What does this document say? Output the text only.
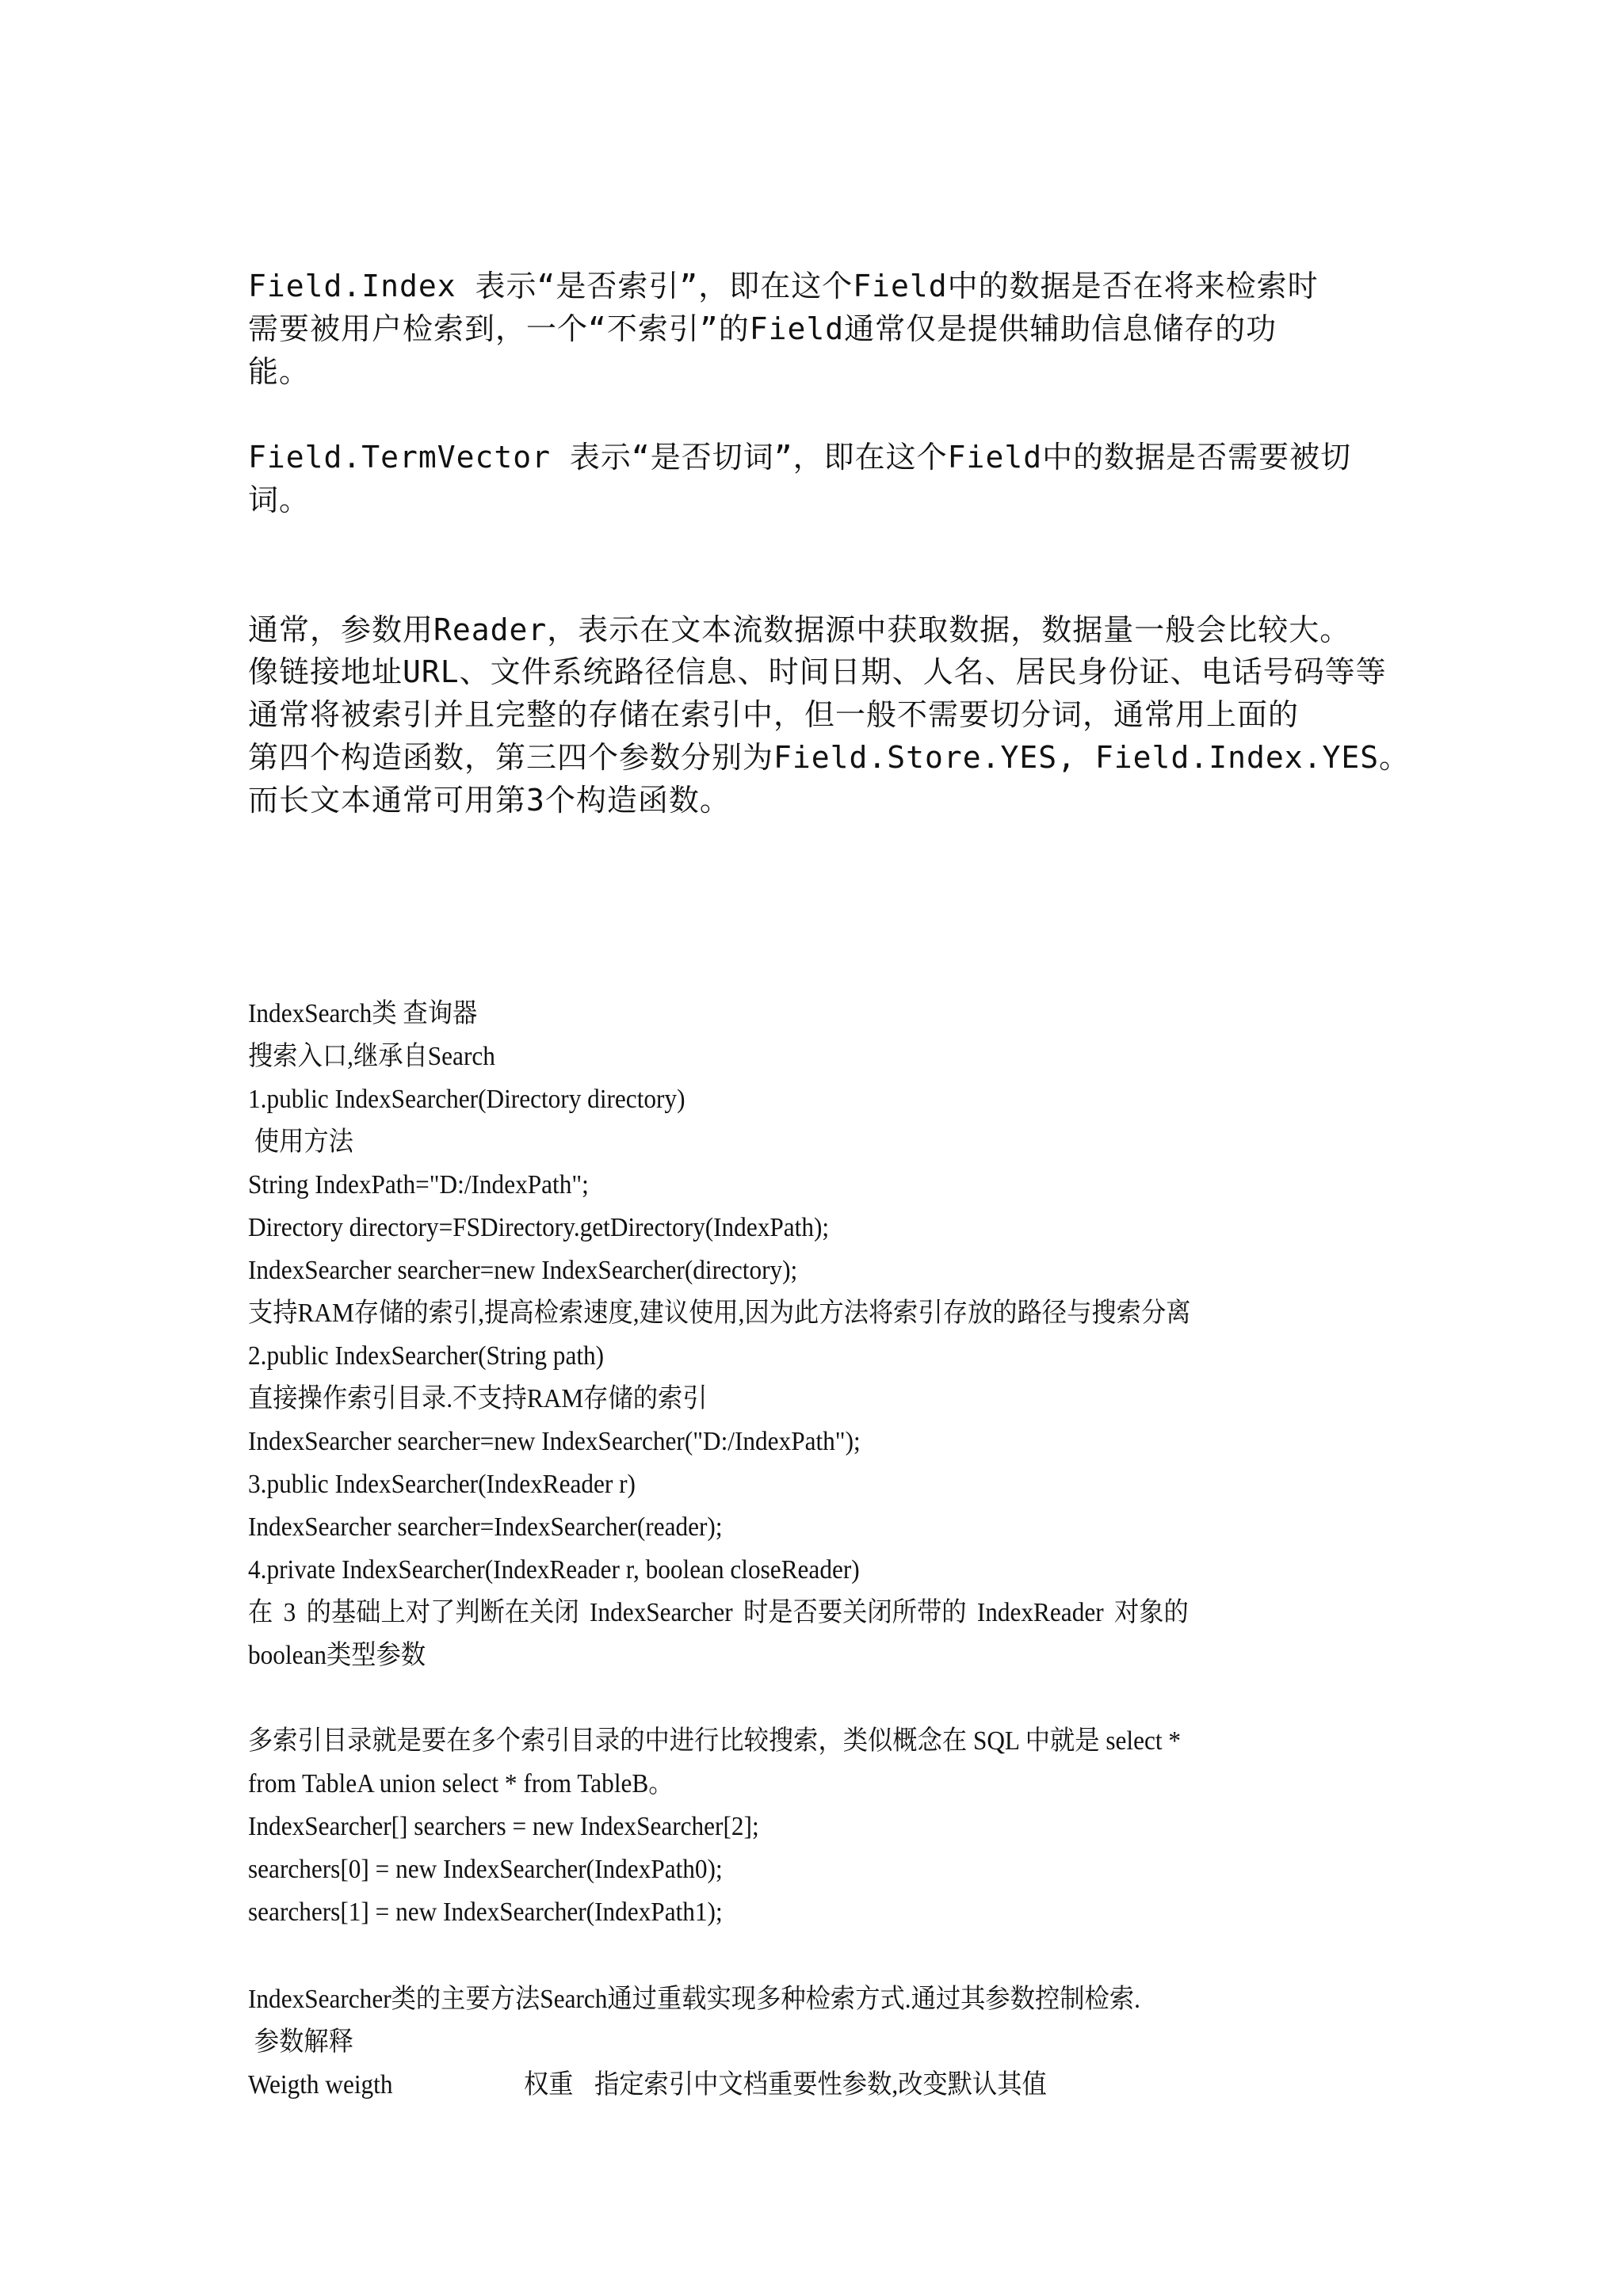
Field.Index 表示“是否索引”，即在这个Field中的数据是否在将来检索时
需要被用户检索到，一个“不索引”的Field通常仅是提供辅助信息储存的功
能。
Field.TermVector 表示“是否切词”，即在这个Field中的数据是否需要被切
词。
通常，参数用Reader，表示在文本流数据源中获取数据，数据量一般会比较大。
像链接地址URL、文件系统路径信息、时间日期、人名、居民身份证、电话号码等等
通常将被索引并且完整的存储在索引中，但一般不需要切分词，通常用上面的
第四个构造函数，第三四个参数分别为Field.Store.YES, Field.Index.YES。
而长文本通常可用第3个构造函数。
IndexSearch类 查询器
搜索入口,继承自Search
1.public IndexSearcher(Directory directory)
使用方法
String IndexPath="D:/IndexPath";
Directory directory=FSDirectory.getDirectory(IndexPath);
IndexSearcher searcher=new IndexSearcher(directory);
支持RAM存储的索引,提高检索速度,建议使用,因为此方法将索引存放的路径与搜索分离
2.public IndexSearcher(String path)
直接操作索引目录.不支持RAM存储的索引
IndexSearcher searcher=new IndexSearcher("D:/IndexPath");
3.public IndexSearcher(IndexReader r)
IndexSearcher searcher=IndexSearcher(reader);
4.private IndexSearcher(IndexReader r, boolean closeReader)
在 3 的基础上对了判断在关闭 IndexSearcher 时是否要关闭所带的 IndexReader 对象的
boolean类型参数
多索引目录就是要在多个索引目录的中进行比较搜索，类似概念在 SQL 中就是 select *
from TableA union select * from TableB。
IndexSearcher[] searchers = new IndexSearcher[2];
searchers[0] = new IndexSearcher(IndexPath0);
searchers[1] = new IndexSearcher(IndexPath1);
IndexSearcher类的主要方法Search通过重载实现多种检索方式.通过其参数控制检索.
参数解释
Weigth weigth	权重 指定索引中文档重要性参数,改变默认其值
